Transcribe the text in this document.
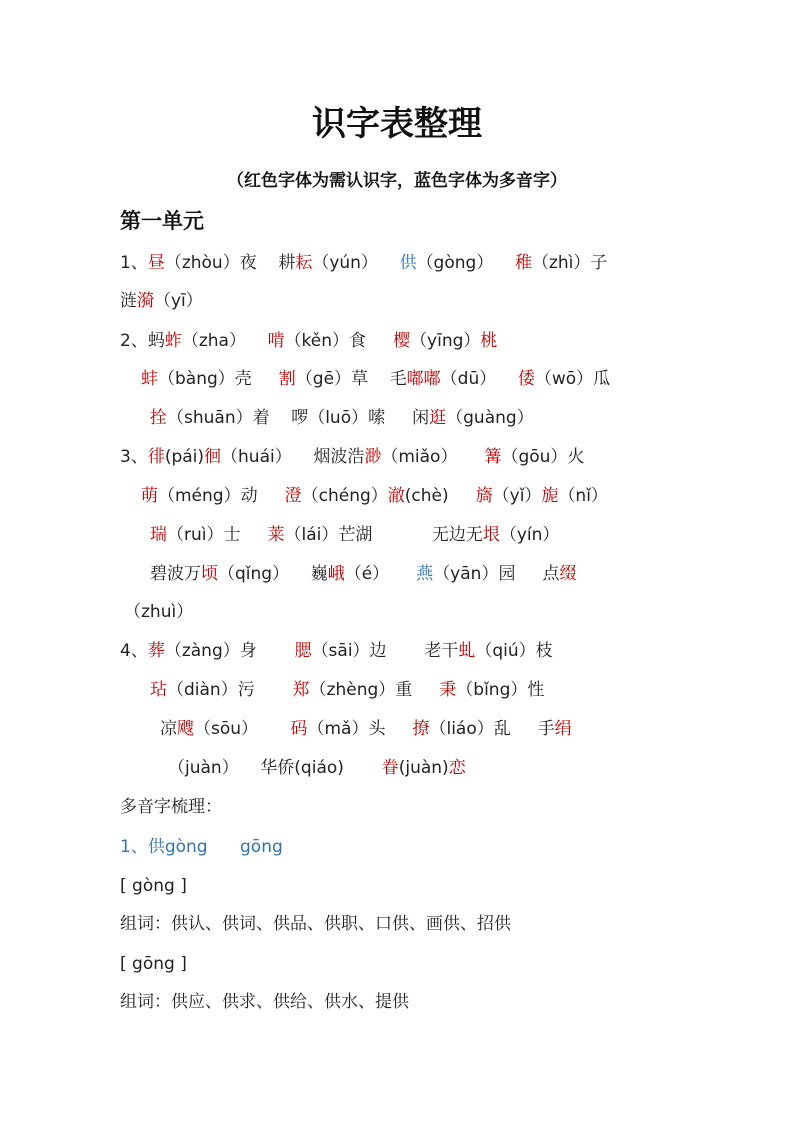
识字表整理
（红色字体为需认识字，蓝色字体为多音字）
第一单元
1、昼（zhòu）夜    耕耘（yún）    供（gòng）    稚（zhì）子
涟漪（yī）
2、蚂蚱（zha）    啃（kěn）食     樱（yīng）桃
蚌（bàng）壳     割（gē）草    毛嘟嘟（dū）    倭（wō）瓜
拴（shuān）着    啰（luō）嗦     闲逛（guàng）
3、徘(pái)徊（huái）    烟波浩渺（miǎo）     篝（gōu）火
萌（méng）动     澄（chéng）澈(chè)     旖（yǐ）旎（nǐ）
瑞（ruì）士     莱（lái）芒湖           无边无垠（yín）
碧波万顷（qǐng）    巍峨（é）     燕（yān）园     点缀
（zhuì）
4、葬（zàng）身       腮（sāi）边       老干虬（qiú）枝
玷（diàn）污       郑（zhèng）重     秉（bǐng）性
凉飕（sōu）      码（mǎ）头     撩（liáo）乱     手绢
（juàn）    华侨(qiáo)       眷(juàn)恋
多音字梳理：
1、供gòng      gōng
[ gòng ]
组词：供认、供词、供品、供职、口供、画供、招供
[ gōng ]
组词：供应、供求、供给、供水、提供
